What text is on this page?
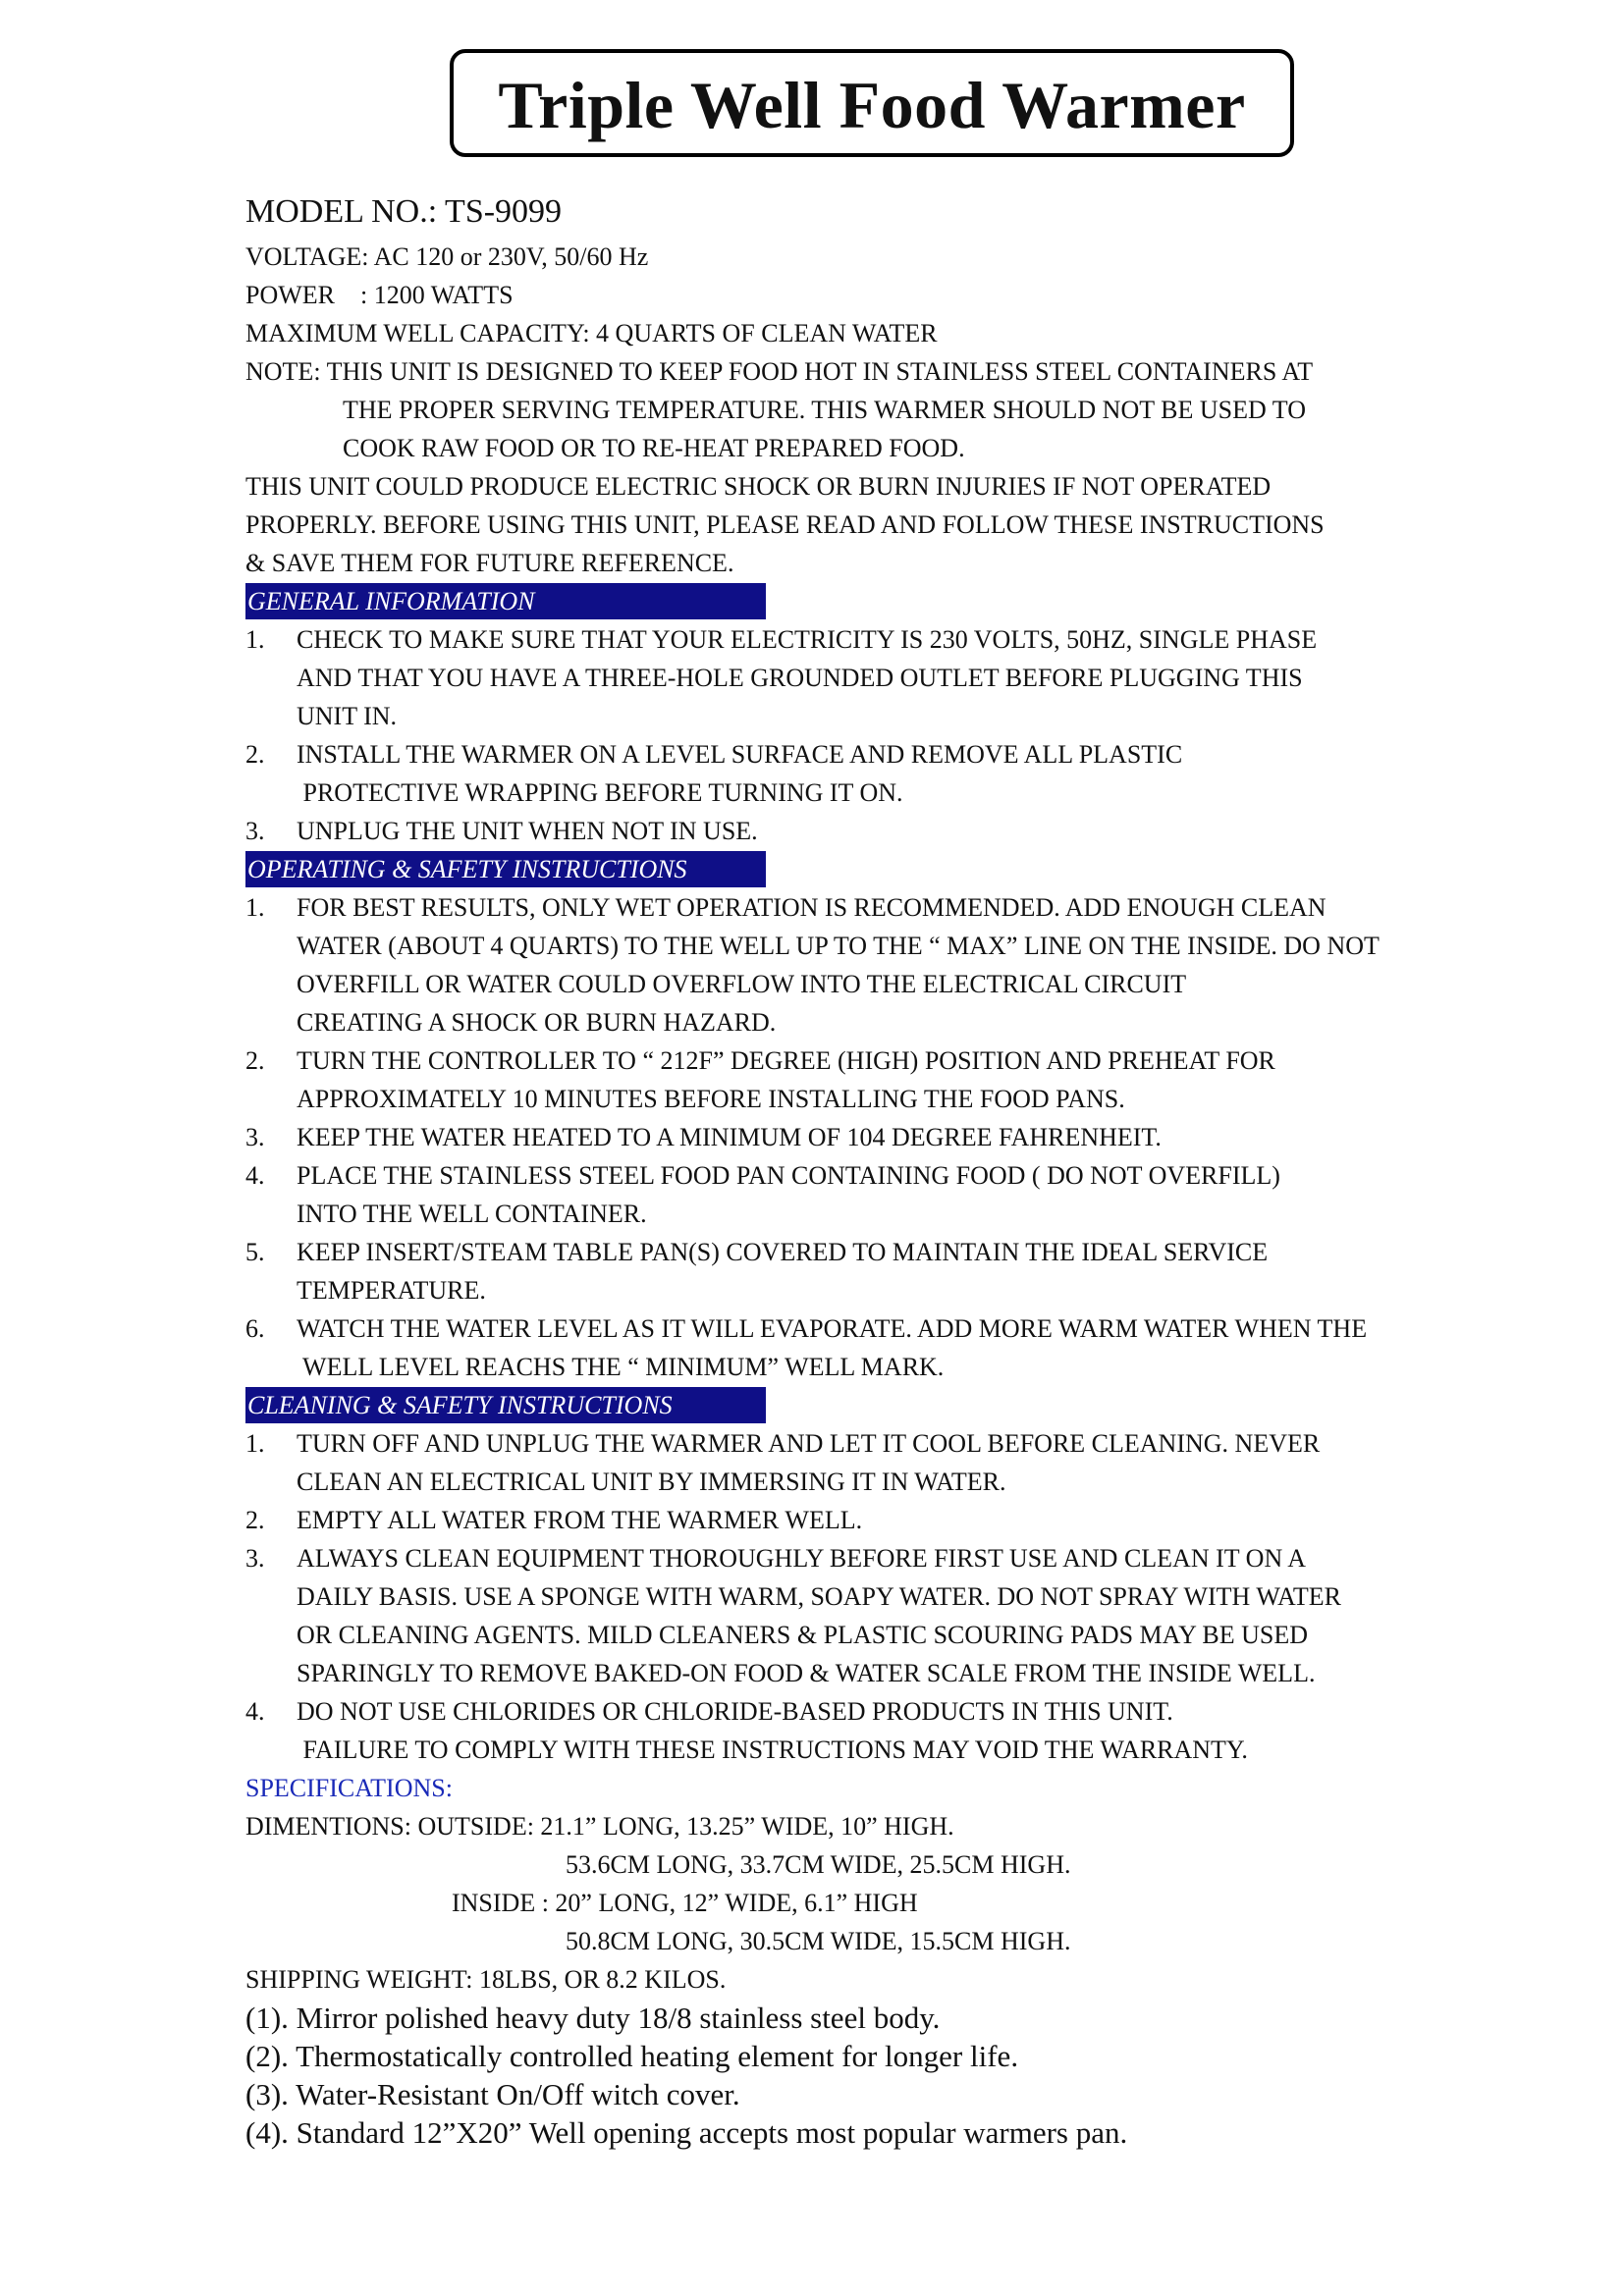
Triple Well Food Warmer
MODEL NO.: TS-9099
VOLTAGE: AC 120 or 230V, 50/60 Hz
POWER    : 1200 WATTS
MAXIMUM WELL CAPACITY: 4 QUARTS OF CLEAN WATER
NOTE: THIS UNIT IS DESIGNED TO KEEP FOOD HOT IN STAINLESS STEEL CONTAINERS AT
THE PROPER SERVING TEMPERATURE. THIS WARMER SHOULD NOT BE USED TO
COOK RAW FOOD OR TO RE-HEAT PREPARED FOOD.
THIS UNIT COULD PRODUCE ELECTRIC SHOCK OR BURN INJURIES IF NOT OPERATED
PROPERLY. BEFORE USING THIS UNIT, PLEASE READ AND FOLLOW THESE INSTRUCTIONS
& SAVE THEM FOR FUTURE REFERENCE.
GENERAL INFORMATION
1.	CHECK TO MAKE SURE THAT YOUR ELECTRICITY IS 230 VOLTS, 50HZ, SINGLE PHASE
AND THAT YOU HAVE A THREE-HOLE GROUNDED OUTLET BEFORE PLUGGING THIS
UNIT IN.
2.	INSTALL THE WARMER ON A LEVEL SURFACE AND REMOVE ALL PLASTIC
PROTECTIVE WRAPPING BEFORE TURNING IT ON.
3.	UNPLUG THE UNIT WHEN NOT IN USE.
OPERATING & SAFETY INSTRUCTIONS
1.	FOR BEST RESULTS, ONLY WET OPERATION IS RECOMMENDED. ADD ENOUGH CLEAN
WATER (ABOUT 4 QUARTS) TO THE WELL UP TO THE “ MAX” LINE ON THE INSIDE. DO NOT
OVERFILL OR WATER COULD OVERFLOW INTO THE ELECTRICAL CIRCUIT
CREATING A SHOCK OR BURN HAZARD.
2.	TURN THE CONTROLLER TO “ 212F” DEGREE (HIGH) POSITION AND PREHEAT FOR
APPROXIMATELY 10 MINUTES BEFORE INSTALLING THE FOOD PANS.
3.	KEEP THE WATER HEATED TO A MINIMUM OF 104 DEGREE FAHRENHEIT.
4.	PLACE THE STAINLESS STEEL FOOD PAN CONTAINING FOOD ( DO NOT OVERFILL)
INTO THE WELL CONTAINER.
5.	KEEP INSERT/STEAM TABLE PAN(S) COVERED TO MAINTAIN THE IDEAL SERVICE
TEMPERATURE.
6.	WATCH THE WATER LEVEL AS IT WILL EVAPORATE. ADD MORE WARM WATER WHEN THE
WELL LEVEL REACHS THE “ MINIMUM” WELL MARK.
CLEANING & SAFETY INSTRUCTIONS
1.	TURN OFF AND UNPLUG THE WARMER AND LET IT COOL BEFORE CLEANING. NEVER
CLEAN AN ELECTRICAL UNIT BY IMMERSING IT IN WATER.
2.	EMPTY ALL WATER FROM THE WARMER WELL.
3.	ALWAYS CLEAN EQUIPMENT THOROUGHLY BEFORE FIRST USE AND CLEAN IT ON A
DAILY BASIS. USE A SPONGE WITH WARM, SOAPY WATER. DO NOT SPRAY WITH WATER
OR CLEANING AGENTS. MILD CLEANERS & PLASTIC SCOURING PADS MAY BE USED
SPARINGLY TO REMOVE BAKED-ON FOOD & WATER SCALE FROM THE INSIDE WELL.
4.	DO NOT USE CHLORIDES OR CHLORIDE-BASED PRODUCTS IN THIS UNIT.
FAILURE TO COMPLY WITH THESE INSTRUCTIONS MAY VOID THE WARRANTY.
SPECIFICATIONS:
DIMENTIONS: OUTSIDE: 21.1” LONG, 13.25” WIDE, 10” HIGH.
53.6CM LONG, 33.7CM WIDE, 25.5CM HIGH.
INSIDE : 20” LONG, 12” WIDE, 6.1” HIGH
50.8CM LONG, 30.5CM WIDE, 15.5CM HIGH.
SHIPPING WEIGHT: 18LBS, OR 8.2 KILOS.
(1). Mirror polished heavy duty 18/8 stainless steel body.
(2). Thermostatically controlled heating element for longer life.
(3). Water-Resistant On/Off witch cover.
(4). Standard 12”X20” Well opening accepts most popular warmers pan.
